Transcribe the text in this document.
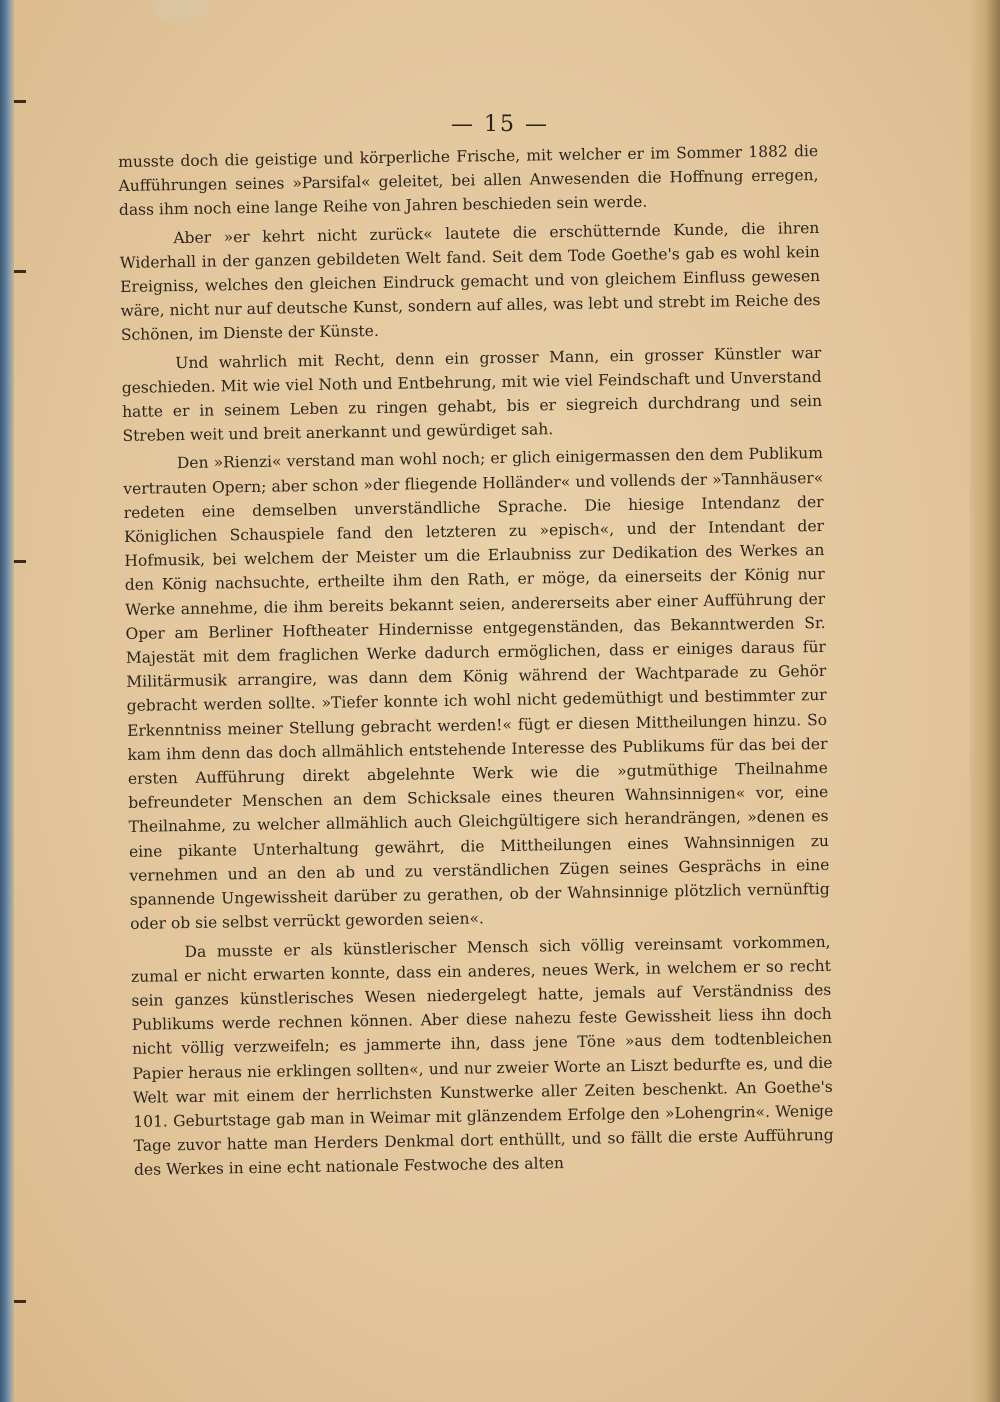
— 15 —

musste doch die geistige und körperliche Frische, mit welcher er im Sommer 1882 die Aufführungen seines »Parsifal« geleitet, bei allen Anwesenden die Hoffnung erregen, dass ihm noch eine lange Reihe von Jahren beschieden sein werde.

Aber »er kehrt nicht zurück« lautete die erschütternde Kunde, die ihren Widerhall in der ganzen gebildeten Welt fand. Seit dem Tode Goethe's gab es wohl kein Ereigniss, welches den gleichen Eindruck gemacht und von gleichem Einfluss gewesen wäre, nicht nur auf deutsche Kunst, sondern auf alles, was lebt und strebt im Reiche des Schönen, im Dienste der Künste.

Und wahrlich mit Recht, denn ein grosser Mann, ein grosser Künstler war geschieden. Mit wie viel Noth und Entbehrung, mit wie viel Feindschaft und Unverstand hatte er in seinem Leben zu ringen gehabt, bis er siegreich durchdrang und sein Streben weit und breit anerkannt und gewürdiget sah.

Den »Rienzi« verstand man wohl noch; er glich einigermassen den dem Publikum vertrauten Opern; aber schon »der fliegende Holländer« und vollends der »Tannhäuser« redeten eine demselben unverständliche Sprache. Die hiesige Intendanz der Königlichen Schauspiele fand den letzteren zu »episch«, und der Intendant der Hofmusik, bei welchem der Meister um die Erlaubniss zur Dedikation des Werkes an den König nachsuchte, ertheilte ihm den Rath, er möge, da einerseits der König nur Werke annehme, die ihm bereits bekannt seien, andererseits aber einer Aufführung der Oper am Berliner Hoftheater Hindernisse entgegenständen, das Bekanntwerden Sr. Majestät mit dem fraglichen Werke dadurch ermöglichen, dass er einiges daraus für Militärmusik arrangire, was dann dem König während der Wachtparade zu Gehör gebracht werden sollte. »Tiefer konnte ich wohl nicht gedemüthigt und bestimmter zur Erkenntniss meiner Stellung gebracht werden!« fügt er diesen Mittheilungen hinzu. So kam ihm denn das doch allmählich entstehende Interesse des Publikums für das bei der ersten Aufführung direkt abgelehnte Werk wie die »gutmüthige Theilnahme befreundeter Menschen an dem Schicksale eines theuren Wahnsinnigen« vor, eine Theilnahme, zu welcher allmählich auch Gleichgültigere sich herandrängen, »denen es eine pikante Unterhaltung gewährt, die Mittheilungen eines Wahnsinnigen zu vernehmen und an den ab und zu verständlichen Zügen seines Gesprächs in eine spannende Ungewissheit darüber zu gerathen, ob der Wahnsinnige plötzlich vernünftig oder ob sie selbst verrückt geworden seien«.

Da musste er als künstlerischer Mensch sich völlig vereinsamt vorkommen, zumal er nicht erwarten konnte, dass ein anderes, neues Werk, in welchem er so recht sein ganzes künstlerisches Wesen niedergelegt hatte, jemals auf Verständniss des Publikums werde rechnen können. Aber diese nahezu feste Gewissheit liess ihn doch nicht völlig verzweifeln; es jammerte ihn, dass jene Töne »aus dem todtenbleichen Papier heraus nie erklingen sollten«, und nur zweier Worte an Liszt bedurfte es, und die Welt war mit einem der herrlichsten Kunstwerke aller Zeiten beschenkt. An Goethe's 101. Geburtstage gab man in Weimar mit glänzendem Erfolge den »Lohengrin«. Wenige Tage zuvor hatte man Herders Denkmal dort enthüllt, und so fällt die erste Aufführung des Werkes in eine echt nationale Festwoche des alten
